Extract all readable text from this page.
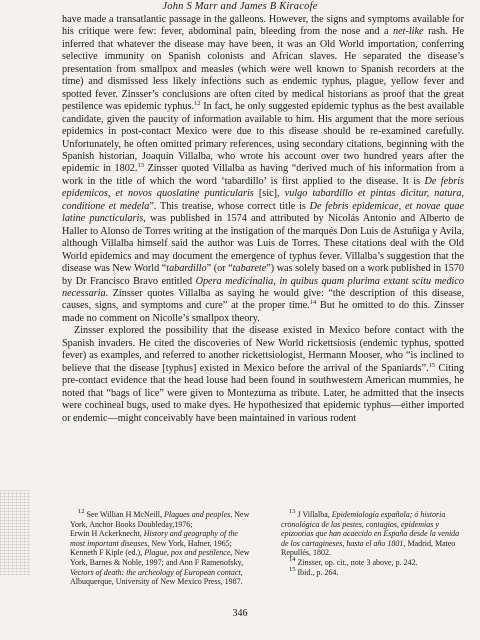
John S Marr and James B Kiracofe

have made a transatlantic passage in the galleons. However, the signs and symptoms available for his critique were few: fever, abdominal pain, bleeding from the nose and a net-like rash. He inferred that whatever the disease may have been, it was an Old World importation, conferring selective immunity on Spanish colonists and African slaves. He separated the disease’s presentation from smallpox and measles (which were well known to Spanish recorders at the time) and dismissed less likely infections such as endemic typhus, plague, yellow fever and spotted fever. Zinsser’s conclusions are often cited by medical historians as proof that the great pestilence was epidemic typhus.$^{12}$ In fact, he only suggested epidemic typhus as the best available candidate, given the paucity of information available to him. His argument that the more serious epidemics in post-contact Mexico were due to this disease should be re-examined carefully. Unfortunately, he often omitted primary references, using secondary citations, beginning with the Spanish historian, Joaquín Villalba, who wrote his account over two hundred years after the epidemic in 1802.13 Zinsser quoted Villalba as having “derived much of his information from a work in the title of which the word ‘tabardillo’ is first applied to the disease. It is De febris epidemicos, et novos quoslatine punticularis [sic], vulgo tabardillo et pintas dicitur, natura, conditione et medela”. This treatise, whose correct title is De febris epidemicae, et novae quae latine puncticularis, was published in 1574 and attributed by Nicolás Antonio and Alberto de Haller to Alonso de Torres writing at the instigation of the marqués Don Luis de Astuñiga y Avila, although Villalba himself said the author was Luis de Torres. These citations deal with the Old World epidemics and may document the emergence of typhus fever. Villalba’s suggestion that the disease was New World “tabardillo” (or “tabarete”) was solely based on a work published in 1570 by Dr Francisco Bravo entitled Opera medicinalia, in quibus quam plurima extant scitu medico necessaria. Zinsser quotes Villalba as saying he would give: “the description of this disease, causes, signs, and symptoms and cure” at the proper time.$^{14}$ But he omitted to do this. Zinsser made no comment on Nicolle’s smallpox theory.

Zinsser explored the possibility that the disease existed in Mexico before contact with the Spanish invaders. He cited the discoveries of New World rickettsiosis (endemic typhus, spotted fever) as examples, and referred to another rickettsiologist, Hermann Mooser, who “is inclined to believe that the disease [typhus] existed in Mexico before the arrival of the Spaniards”.$^{15}$ Citing pre-contact evidence that the head louse had been found in southwestern American mummies, he noted that “bags of lice” were given to Montezuma as tribute. Later, he admitted that the insects were cochineal bugs, used to make dyes. He hypothesized that epidemic typhus—either imported or endemic—might conceivably have been maintained in various rodent

$^{12}$ See Willian H McNeill, Plagues and peoples, New York, Anchor Books Doubleday,1976;

Erwin H Ackerknecht, History and geography of the most important diseases, New York, Hafner, 1965; Kenneth F Kiple (ed.), Plague, pox and pestilence, New York, Barnes & Noble, 1997; and Ann F Ramenofsky, Vectors of death: the archeology of European contact, Albuquerque, University of New Mexico Press, 1987.

$^{13}$ J Villalba, Epidemiología española; ó historia cronológica de las pestes, contagios, epidemias y epizootias que han acaecido en España desde la venida de los cartagineses, hasta el año 1801, Madrid, Mateo Repullés, 1802.

$^{14}$ Zinsser, op. cit., note 3 above, p. 242.

$^{15}$ Ibid., p. 264.

346
